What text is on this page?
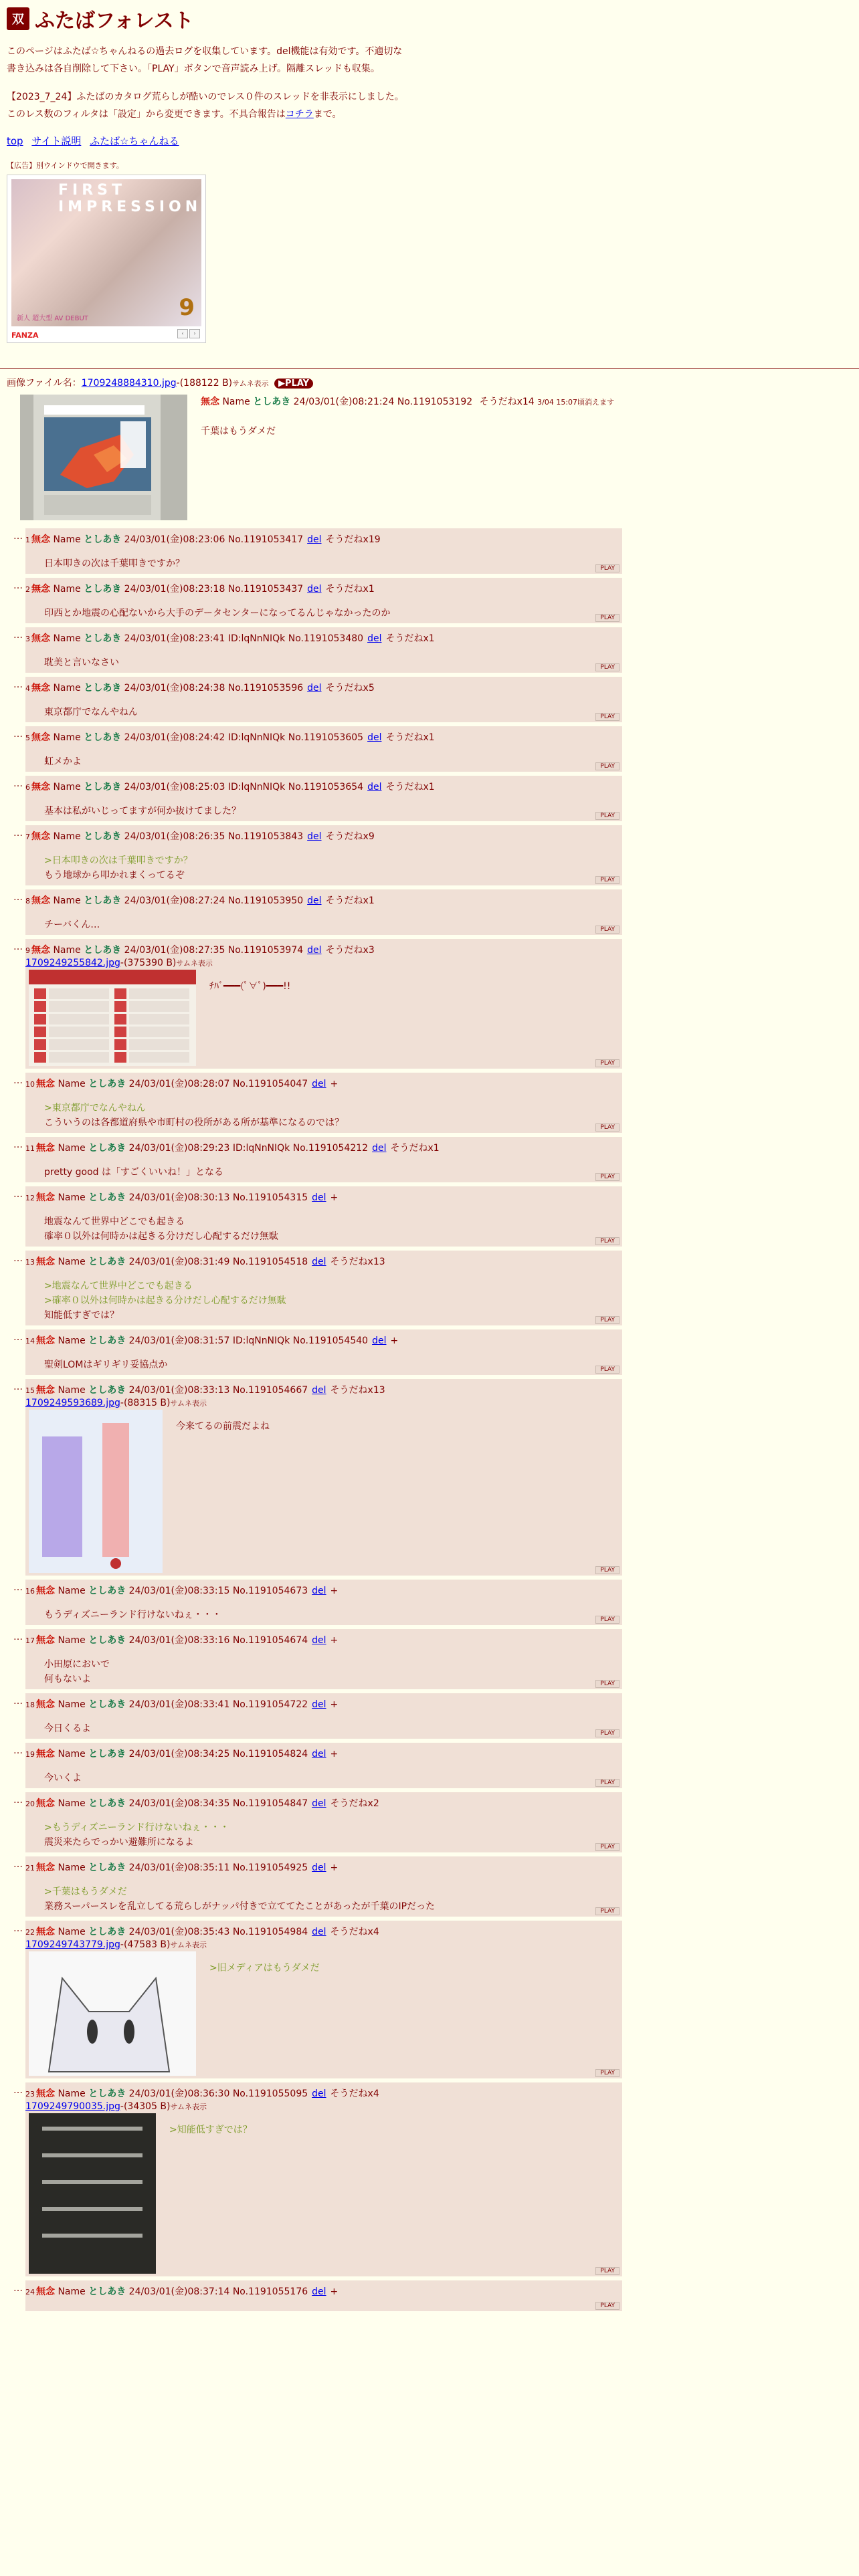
双 ふたばフォレスト

このページはふたば☆ちゃんねるの過去ログを収集しています。del機能は有効です。不適切な書き込みは各自削除して下さい。「PLAY」ボタンで音声読み上げ。隔離スレッドも収集。

【2023_7_24】ふたばのカタログ荒らしが酷いのでレス０件のスレッドを非表示にしました。このレス数のフィルタは「設定」から変更できます。不具合報告はコチラまで。

top サイト説明 ふたば☆ちゃんねる
【広告】別ウインドウで開きます。
FIRST IMPRESSION
新人 超大型 AV DEBUT	9
FANZA	‹	›
画像ファイル名：1709248884310.jpg-(188122 B)サムネ表示 ▶PLAY
無念 Name としあき 24/03/01(金)08:21:24 No.1191053192 そうだねx14 3/04 15:07頃消えます
千葉はもうダメだ
… 1 無念 Name としあき 24/03/01(金)08:23:06 No.1191053417 del そうだねx19
日本叩きの次は千葉叩きですか？	PLAY
… 2 無念 Name としあき 24/03/01(金)08:23:18 No.1191053437 del そうだねx1
印西とか地震の心配ないから大手のデータセンターになってるんじゃなかったのか	PLAY
… 3 無念 Name としあき 24/03/01(金)08:23:41 ID:lqNnNIQk No.1191053480 del そうだねx1
耽美と言いなさい	PLAY
… 4 無念 Name としあき 24/03/01(金)08:24:38 No.1191053596 del そうだねx5
東京都庁でなんやねん	PLAY
… 5 無念 Name としあき 24/03/01(金)08:24:42 ID:lqNnNIQk No.1191053605 del そうだねx1
虹メかよ	PLAY
… 6 無念 Name としあき 24/03/01(金)08:25:03 ID:lqNnNIQk No.1191053654 del そうだねx1
基本は私がいじってますが何か抜けてました？	PLAY
… 7 無念 Name としあき 24/03/01(金)08:26:35 No.1191053843 del そうだねx9
>日本叩きの次は千葉叩きですか？
もう地球から叩かれまくってるぞ	PLAY
… 8 無念 Name としあき 24/03/01(金)08:27:24 No.1191053950 del そうだねx1
チーバくん…	PLAY
… 9 無念 Name としあき 24/03/01(金)08:27:35 No.1191053974 del そうだねx3
1709249255842.jpg-(375390 B)サムネ表示
ﾁﾊﾞ━━━(ﾟ∀ﾟ)━━━!!
PLAY
… 10 無念 Name としあき 24/03/01(金)08:28:07 No.1191054047 del +
>東京都庁でなんやねん
こういうのは各都道府県や市町村の役所がある所が基準になるのでは？	PLAY
… 11 無念 Name としあき 24/03/01(金)08:29:23 ID:lqNnNIQk No.1191054212 del そうだねx1
pretty good は「すごくいいね！」となる	PLAY
… 12 無念 Name としあき 24/03/01(金)08:30:13 No.1191054315 del +
地震なんて世界中どこでも起きる
確率０以外は何時かは起きる分けだし心配するだけ無駄	PLAY
… 13 無念 Name としあき 24/03/01(金)08:31:49 No.1191054518 del そうだねx13
>地震なんて世界中どこでも起きる
>確率０以外は何時かは起きる分けだし心配するだけ無駄
知能低すぎでは？	PLAY
… 14 無念 Name としあき 24/03/01(金)08:31:57 ID:lqNnNIQk No.1191054540 del +
聖剣LOMはギリギリ妥協点か	PLAY
… 15 無念 Name としあき 24/03/01(金)08:33:13 No.1191054667 del そうだねx13
1709249593689.jpg-(88315 B)サムネ表示
今来てるの前震だよね
PLAY
… 16 無念 Name としあき 24/03/01(金)08:33:15 No.1191054673 del +
もうディズニーランド行けないねぇ・・・	PLAY
… 17 無念 Name としあき 24/03/01(金)08:33:16 No.1191054674 del +
小田原においで
何もないよ	PLAY
… 18 無念 Name としあき 24/03/01(金)08:33:41 No.1191054722 del +
今日くるよ	PLAY
… 19 無念 Name としあき 24/03/01(金)08:34:25 No.1191054824 del +
今いくよ	PLAY
… 20 無念 Name としあき 24/03/01(金)08:34:35 No.1191054847 del そうだねx2
>もうディズニーランド行けないねぇ・・・
震災来たらでっかい避難所になるよ	PLAY
… 21 無念 Name としあき 24/03/01(金)08:35:11 No.1191054925 del +
>千葉はもうダメだ
業務スーパースレを乱立してる荒らしがナッパ付きで立ててたことがあったが千葉のIPだった	PLAY
… 22 無念 Name としあき 24/03/01(金)08:35:43 No.1191054984 del そうだねx4
1709249743779.jpg-(47583 B)サムネ表示
>旧メディアはもうダメだ
PLAY
… 23 無念 Name としあき 24/03/01(金)08:36:30 No.1191055095 del そうだねx4
1709249790035.jpg-(34305 B)サムネ表示
>知能低すぎでは？
PLAY
… 24 無念 Name としあき 24/03/01(金)08:37:14 No.1191055176 del +
PLAY
